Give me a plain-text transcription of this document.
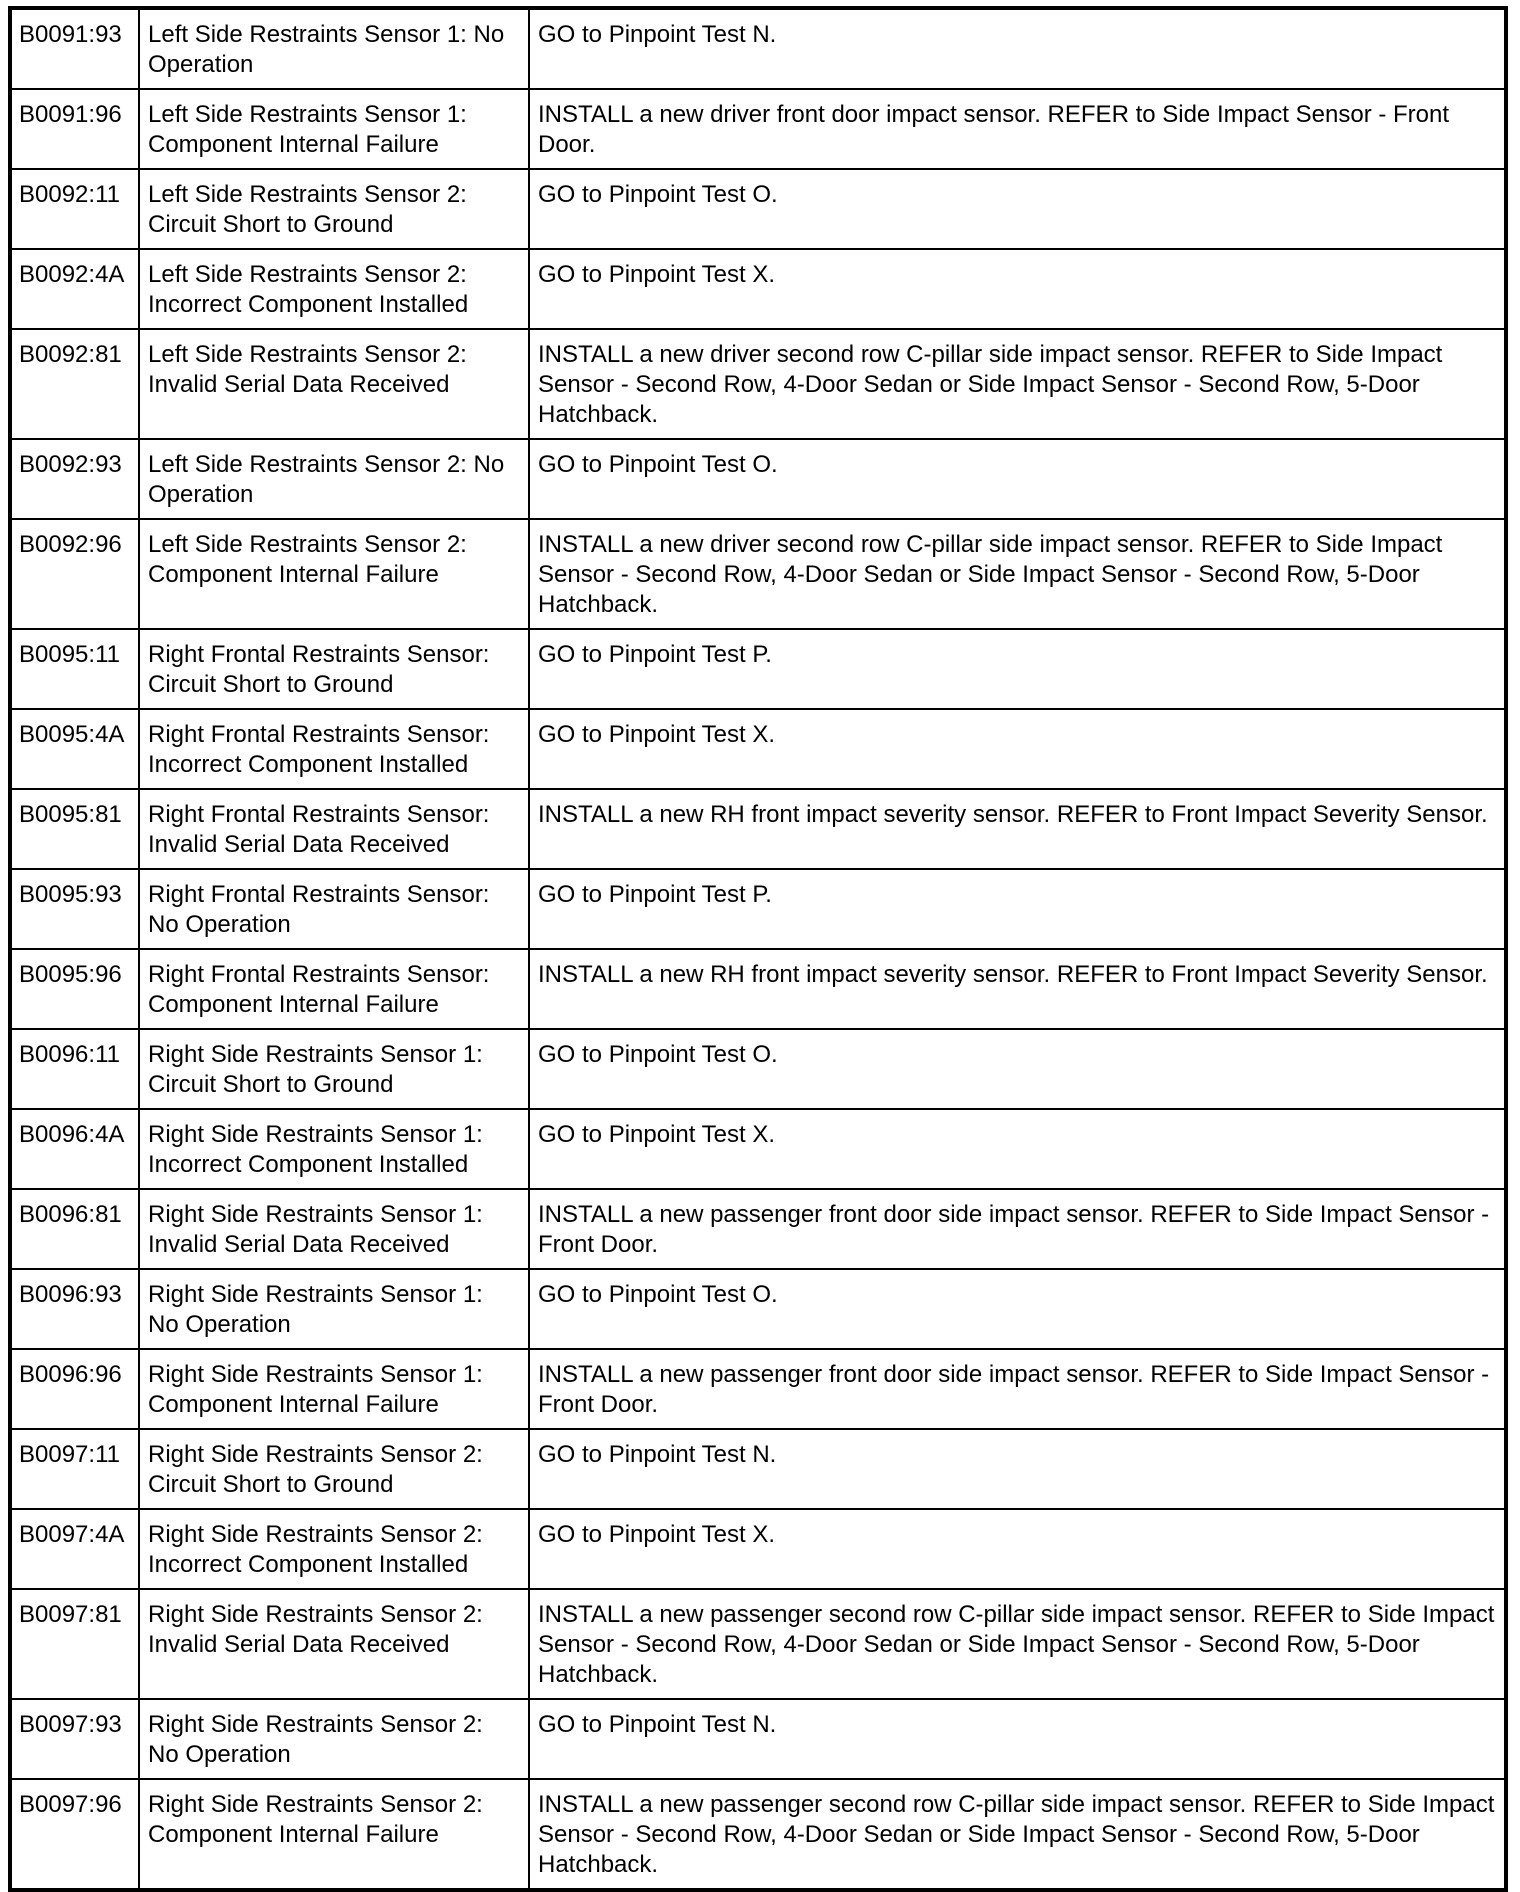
B0091:93	Left Side Restraints Sensor 1: No Operation	GO to Pinpoint Test N.
B0091:96	Left Side Restraints Sensor 1: Component Internal Failure	INSTALL a new driver front door impact sensor. REFER to Side Impact Sensor - Front Door.
B0092:11	Left Side Restraints Sensor 2: Circuit Short to Ground	GO to Pinpoint Test O.
B0092:4A	Left Side Restraints Sensor 2: Incorrect Component Installed	GO to Pinpoint Test X.
B0092:81	Left Side Restraints Sensor 2: Invalid Serial Data Received	INSTALL a new driver second row C-pillar side impact sensor. REFER to Side Impact Sensor - Second Row, 4-Door Sedan or Side Impact Sensor - Second Row, 5-Door Hatchback.
B0092:93	Left Side Restraints Sensor 2: No Operation	GO to Pinpoint Test O.
B0092:96	Left Side Restraints Sensor 2: Component Internal Failure	INSTALL a new driver second row C-pillar side impact sensor. REFER to Side Impact Sensor - Second Row, 4-Door Sedan or Side Impact Sensor - Second Row, 5-Door Hatchback.
B0095:11	Right Frontal Restraints Sensor: Circuit Short to Ground	GO to Pinpoint Test P.
B0095:4A	Right Frontal Restraints Sensor: Incorrect Component Installed	GO to Pinpoint Test X.
B0095:81	Right Frontal Restraints Sensor: Invalid Serial Data Received	INSTALL a new RH front impact severity sensor. REFER to Front Impact Severity Sensor.
B0095:93	Right Frontal Restraints Sensor: No Operation	GO to Pinpoint Test P.
B0095:96	Right Frontal Restraints Sensor: Component Internal Failure	INSTALL a new RH front impact severity sensor. REFER to Front Impact Severity Sensor.
B0096:11	Right Side Restraints Sensor 1: Circuit Short to Ground	GO to Pinpoint Test O.
B0096:4A	Right Side Restraints Sensor 1: Incorrect Component Installed	GO to Pinpoint Test X.
B0096:81	Right Side Restraints Sensor 1: Invalid Serial Data Received	INSTALL a new passenger front door side impact sensor. REFER to Side Impact Sensor - Front Door.
B0096:93	Right Side Restraints Sensor 1: No Operation	GO to Pinpoint Test O.
B0096:96	Right Side Restraints Sensor 1: Component Internal Failure	INSTALL a new passenger front door side impact sensor. REFER to Side Impact Sensor - Front Door.
B0097:11	Right Side Restraints Sensor 2: Circuit Short to Ground	GO to Pinpoint Test N.
B0097:4A	Right Side Restraints Sensor 2: Incorrect Component Installed	GO to Pinpoint Test X.
B0097:81	Right Side Restraints Sensor 2: Invalid Serial Data Received	INSTALL a new passenger second row C-pillar side impact sensor. REFER to Side Impact Sensor - Second Row, 4-Door Sedan or Side Impact Sensor - Second Row, 5-Door Hatchback.
B0097:93	Right Side Restraints Sensor 2: No Operation	GO to Pinpoint Test N.
B0097:96	Right Side Restraints Sensor 2: Component Internal Failure	INSTALL a new passenger second row C-pillar side impact sensor. REFER to Side Impact Sensor - Second Row, 4-Door Sedan or Side Impact Sensor - Second Row, 5-Door Hatchback.
